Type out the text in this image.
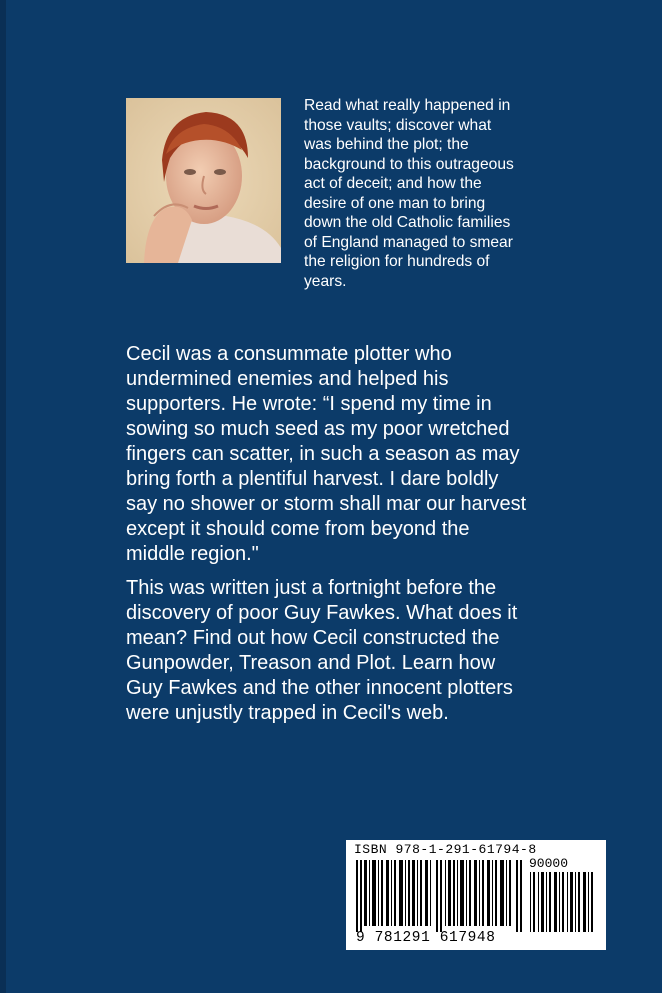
Read what really happened in
those vaults; discover what
was behind the plot; the
background to this outrageous
act of deceit; and how the
desire of one man to bring
down the old Catholic families
of England managed to smear
the religion for hundreds of
years.

Cecil was a consummate plotter who
undermined enemies and helped his
supporters. He wrote: “I spend my time in
sowing so much seed as my poor wretched
fingers can scatter, in such a season as may
bring forth a plentiful harvest. I dare boldly
say no shower or storm shall mar our harvest
except it should come from beyond the
middle region."

This was written just a fortnight before the
discovery of poor Guy Fawkes. What does it
mean? Find out how Cecil constructed the
Gunpowder, Treason and Plot. Learn how
Guy Fawkes and the other innocent plotters
were unjustly trapped in Cecil's web.

ISBN 978-1-291-61794-8
90000
9 781291 617948
